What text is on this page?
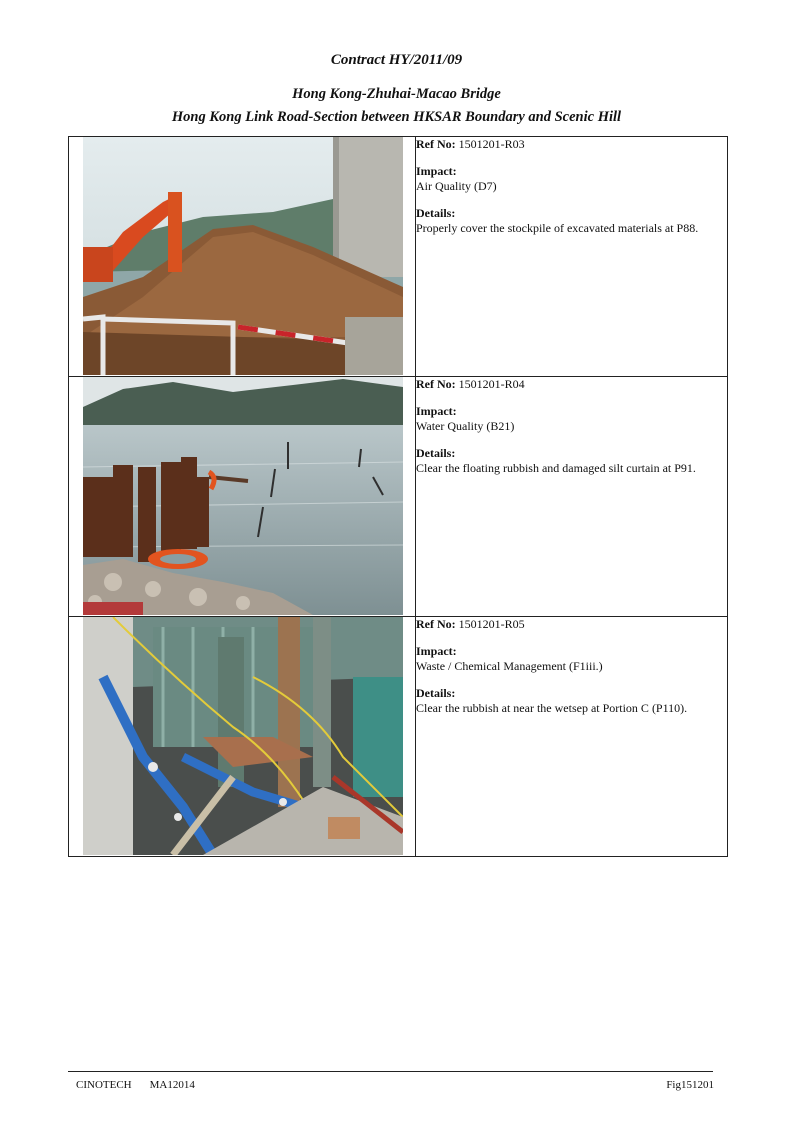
Contract HY/2011/09
Hong Kong-Zhuhai-Macao Bridge
Hong Kong Link Road-Section between HKSAR Boundary and Scenic Hill

Ref No: 1501201-R03
Impact:
Air Quality (D7)
Details:
Properly cover the stockpile of excavated materials at P88.

Ref No: 1501201-R04
Impact:
Water Quality (B21)
Details:
Clear the floating rubbish and damaged silt curtain at P91.

Ref No: 1501201-R05
Impact:
Waste / Chemical Management (F1iii.)
Details:
Clear the rubbish at near the wetsep at Portion C (P110).
CINOTECH MA12014	Fig151201
